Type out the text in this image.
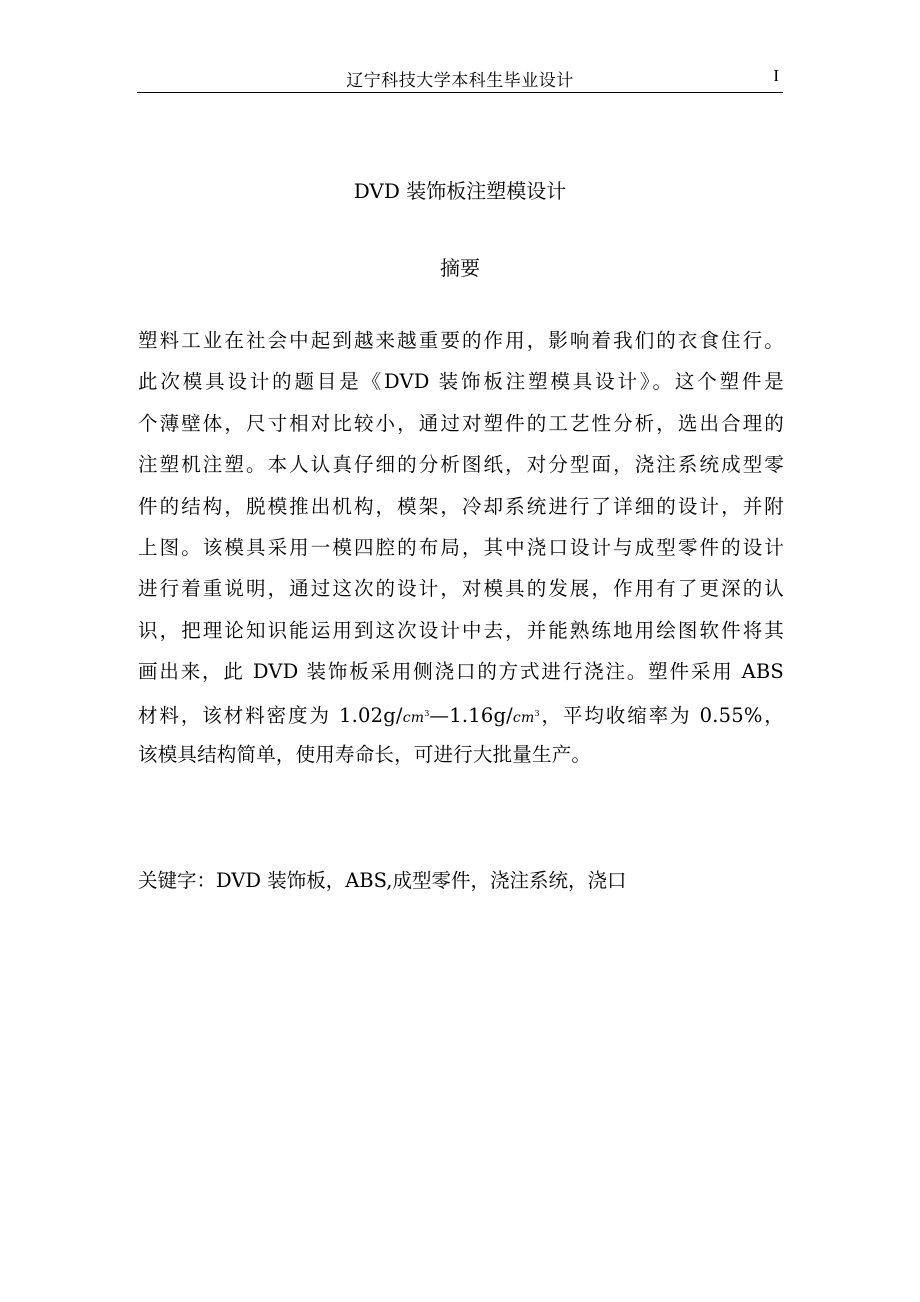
辽宁科技大学本科生毕业设计	I
DVD 装饰板注塑模设计
摘要
塑料工业在社会中起到越来越重要的作用，影响着我们的衣食住行。
此次模具设计的题目是《DVD 装饰板注塑模具设计》。这个塑件是
个薄壁体，尺寸相对比较小，通过对塑件的工艺性分析，选出合理的
注塑机注塑。本人认真仔细的分析图纸，对分型面，浇注系统成型零
件的结构，脱模推出机构，模架，冷却系统进行了详细的设计，并附
上图。该模具采用一模四腔的布局，其中浇口设计与成型零件的设计
进行着重说明，通过这次的设计，对模具的发展，作用有了更深的认
识，把理论知识能运用到这次设计中去，并能熟练地用绘图软件将其
画出来，此 DVD 装饰板采用侧浇口的方式进行浇注。塑件采用 ABS
材料，该材料密度为 $1.02g/cm^3—1.16g/cm^3$，平均收缩率为 0.55%，
该模具结构简单，使用寿命长，可进行大批量生产。
关键字：DVD 装饰板，ABS,成型零件，浇注系统，浇口
